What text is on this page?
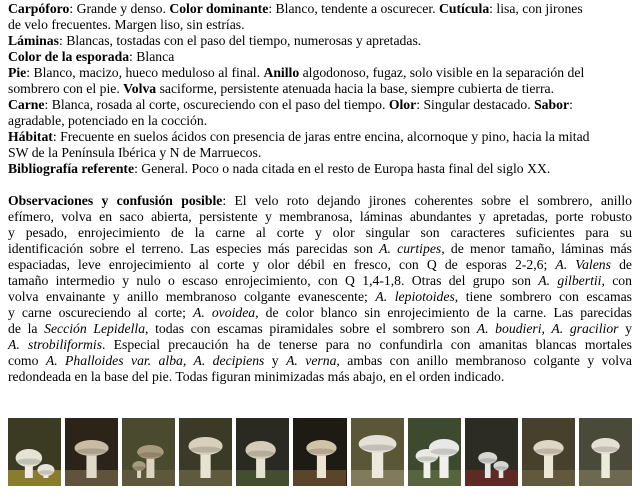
Carpóforo: Grande y denso. Color dominante: Blanco, tendente a oscurecer. Cutícula: lisa, con jirones
de velo frecuentes. Margen liso, sin estrías.
Láminas: Blancas, tostadas con el paso del tiempo, numerosas y apretadas.
Color de la esporada: Blanca
Pie: Blanco, macizo, hueco meduloso al final. Anillo algodonoso, fugaz, solo visible en la separación del
sombrero con el pie. Volva saciforme, persistente atenuada hacia la base, siempre cubierta de tierra.
Carne: Blanca, rosada al corte, oscureciendo con el paso del tiempo. Olor: Singular destacado. Sabor:
agradable, potenciado en la cocción.
Hábitat: Frecuente en suelos ácidos con presencia de jaras entre encina, alcornoque y pino, hacia la mitad
SW de la Península Ibérica y N de Marruecos.
Bibliografía referente: General. Poco o nada citada en el resto de Europa hasta final del siglo XX.
Observaciones y confusión posible: El velo roto dejando jirones coherentes sobre el sombrero, anillo
efímero, volva en saco abierta, persistente y membranosa, láminas abundantes y apretadas, porte robusto
y pesado, enrojecimiento de la carne al corte y olor singular son caracteres suficientes para su
identificación sobre el terreno. Las especies más parecidas son A. curtipes, de menor tamaño, láminas más
espaciadas, leve enrojecimiento al corte y olor débil en fresco, con Q de esporas 2-2,6; A. Valens de
tamaño intermedio y nulo o escaso enrojecimiento, con Q 1,4-1,8. Otras del grupo son A. gilbertii, con
volva envainante y anillo membranoso colgante evanescente; A. lepiotoides, tiene sombrero con escamas
y carne oscureciendo al corte; A. ovoidea, de color blanco sin enrojecimiento de la carne. Las parecidas
de la Sección Lepidella, todas con escamas piramidales sobre el sombrero son A. boudieri, A. gracilior y
A. strobiliformis. Especial precaución ha de tenerse para no confundirla con amanitas blancas mortales
como A. Phalloides var. alba, A. decipiens y A. verna, ambas con anillo membranoso colgante y volva
redondeada en la base del pie. Todas figuran minimizadas más abajo, en el orden indicado.
